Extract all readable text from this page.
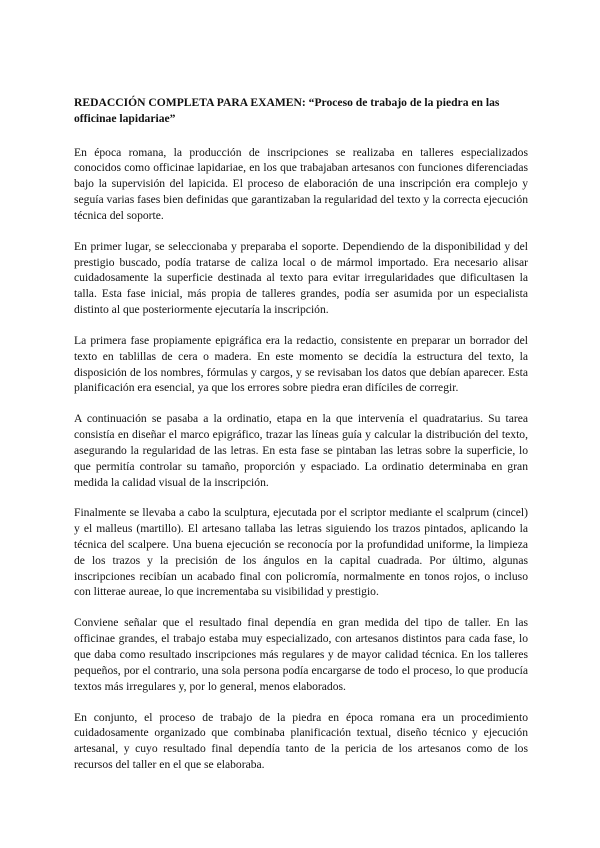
REDACCIÓN COMPLETA PARA EXAMEN: “Proceso de trabajo de la piedra en las officinae lapidariae”
En época romana, la producción de inscripciones se realizaba en talleres especializados conocidos como officinae lapidariae, en los que trabajaban artesanos con funciones diferenciadas bajo la supervisión del lapicida. El proceso de elaboración de una inscripción era complejo y seguía varias fases bien definidas que garantizaban la regularidad del texto y la correcta ejecución técnica del soporte.
En primer lugar, se seleccionaba y preparaba el soporte. Dependiendo de la disponibilidad y del prestigio buscado, podía tratarse de caliza local o de mármol importado. Era necesario alisar cuidadosamente la superficie destinada al texto para evitar irregularidades que dificultasen la talla. Esta fase inicial, más propia de talleres grandes, podía ser asumida por un especialista distinto al que posteriormente ejecutaría la inscripción.
La primera fase propiamente epigráfica era la redactio, consistente en preparar un borrador del texto en tablillas de cera o madera. En este momento se decidía la estructura del texto, la disposición de los nombres, fórmulas y cargos, y se revisaban los datos que debían aparecer. Esta planificación era esencial, ya que los errores sobre piedra eran difíciles de corregir.
A continuación se pasaba a la ordinatio, etapa en la que intervenía el quadratarius. Su tarea consistía en diseñar el marco epigráfico, trazar las líneas guía y calcular la distribución del texto, asegurando la regularidad de las letras. En esta fase se pintaban las letras sobre la superficie, lo que permitía controlar su tamaño, proporción y espaciado. La ordinatio determinaba en gran medida la calidad visual de la inscripción.
Finalmente se llevaba a cabo la sculptura, ejecutada por el scriptor mediante el scalprum (cincel) y el malleus (martillo). El artesano tallaba las letras siguiendo los trazos pintados, aplicando la técnica del scalpere. Una buena ejecución se reconocía por la profundidad uniforme, la limpieza de los trazos y la precisión de los ángulos en la capital cuadrada. Por último, algunas inscripciones recibían un acabado final con policromía, normalmente en tonos rojos, o incluso con litterae aureae, lo que incrementaba su visibilidad y prestigio.
Conviene señalar que el resultado final dependía en gran medida del tipo de taller. En las officinae grandes, el trabajo estaba muy especializado, con artesanos distintos para cada fase, lo que daba como resultado inscripciones más regulares y de mayor calidad técnica. En los talleres pequeños, por el contrario, una sola persona podía encargarse de todo el proceso, lo que producía textos más irregulares y, por lo general, menos elaborados.
En conjunto, el proceso de trabajo de la piedra en época romana era un procedimiento cuidadosamente organizado que combinaba planificación textual, diseño técnico y ejecución artesanal, y cuyo resultado final dependía tanto de la pericia de los artesanos como de los recursos del taller en el que se elaboraba.
